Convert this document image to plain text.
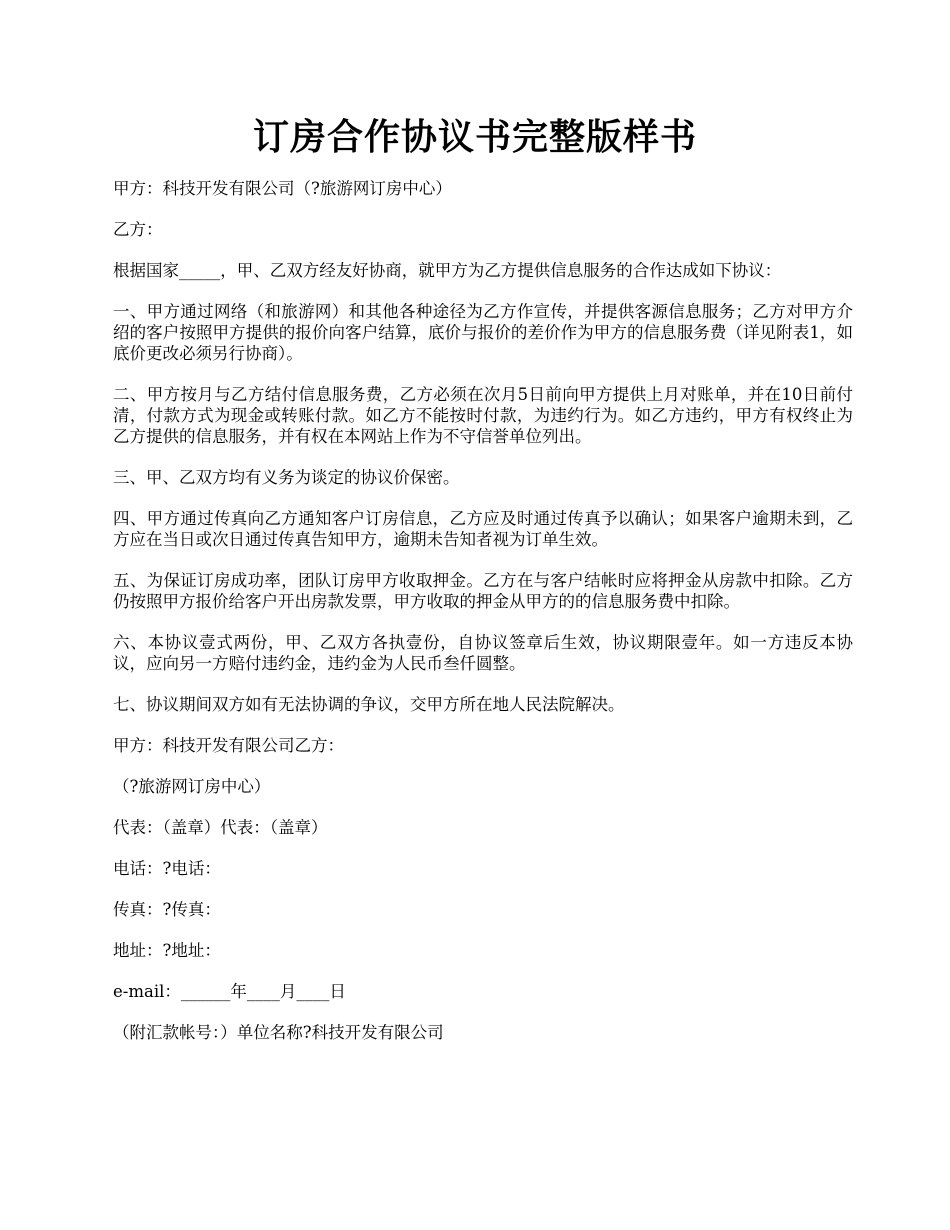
订房合作协议书完整版样书

甲方：科技开发有限公司（?旅游网订房中心）

乙方：

根据国家_____，甲、乙双方经友好协商，就甲方为乙方提供信息服务的合作达成如下协议：

一、甲方通过网络（和旅游网）和其他各种途径为乙方作宣传，并提供客源信息服务；乙方对甲方介绍的客户按照甲方提供的报价向客户结算，底价与报价的差价作为甲方的信息服务费（详见附表1，如底价更改必须另行协商）。

二、甲方按月与乙方结付信息服务费，乙方必须在次月5日前向甲方提供上月对账单，并在10日前付清，付款方式为现金或转账付款。如乙方不能按时付款，为违约行为。如乙方违约，甲方有权终止为乙方提供的信息服务，并有权在本网站上作为不守信誉单位列出。

三、甲、乙双方均有义务为谈定的协议价保密。

四、甲方通过传真向乙方通知客户订房信息，乙方应及时通过传真予以确认；如果客户逾期未到，乙方应在当日或次日通过传真告知甲方，逾期未告知者视为订单生效。

五、为保证订房成功率，团队订房甲方收取押金。乙方在与客户结帐时应将押金从房款中扣除。乙方仍按照甲方报价给客户开出房款发票，甲方收取的押金从甲方的的信息服务费中扣除。

六、本协议壹式两份，甲、乙双方各执壹份，自协议签章后生效，协议期限壹年。如一方违反本协议，应向另一方赔付违约金，违约金为人民币叁仟圆整。

七、协议期间双方如有无法协调的争议，交甲方所在地人民法院解决。

甲方：科技开发有限公司乙方：

（?旅游网订房中心）

代表：（盖章）代表：（盖章）

电话：?电话：

传真：?传真：

地址：?地址：

e-mail：______年____月____日

（附汇款帐号：）单位名称?科技开发有限公司
